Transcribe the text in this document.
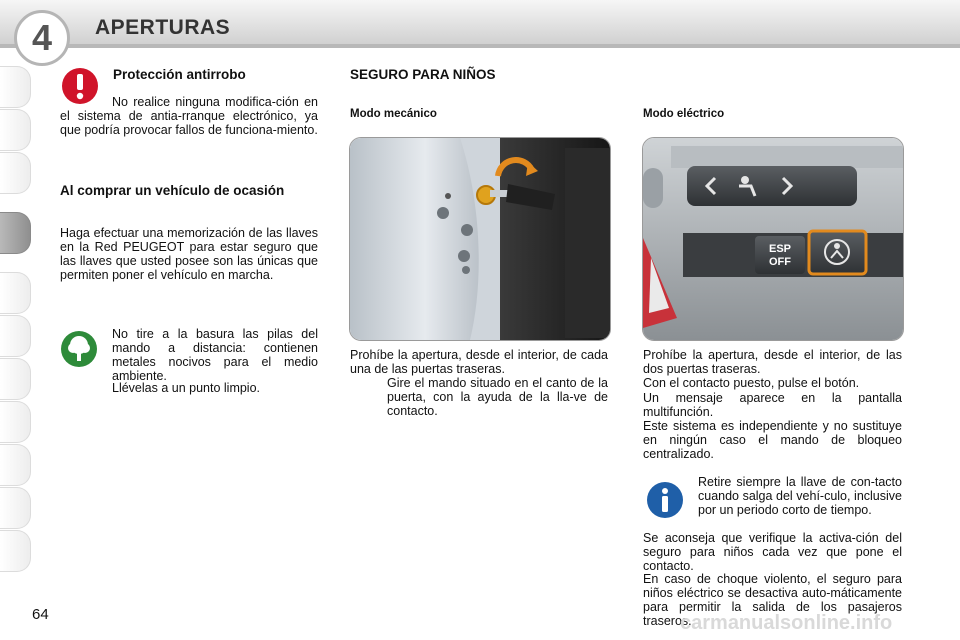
4	APERTURAS
Protección antirrobo
No realice ninguna modifica-ción en el sistema de antia-rranque electrónico, ya que podría provocar fallos de funciona-miento.
Al comprar un vehículo de ocasión
Haga efectuar una memorización de las llaves en la Red PEUGEOT para estar seguro que las llaves que usted posee son las únicas que permiten poner el vehículo en marcha.
No tire a la basura las pilas del mando a distancia: contienen metales nocivos para el medio ambiente.
Llévelas a un punto limpio.
SEGURO PARA NIÑOS
Modo mecánico
Prohíbe la apertura, desde el interior, de cada una de las puertas traseras.
Gire el mando situado en el canto de la puerta, con la ayuda de la lla-ve de contacto.
Modo eléctrico
ESP
OFF
Prohíbe la apertura, desde el interior, de las dos puertas traseras.
Con el contacto puesto, pulse el botón.
Un mensaje aparece en la pantalla multifunción.
Este sistema es independiente y no sustituye en ningún caso el mando de bloqueo centralizado.
Retire siempre la llave de con-tacto cuando salga del vehí-culo, inclusive por un periodo corto de tiempo.
Se aconseja que verifique la activa-ción del seguro para niños cada vez que pone el contacto.
En caso de choque violento, el seguro para niños eléctrico se desactiva auto-máticamente para permitir la salida de los pasajeros traseros.
carmanualsonline.info
64
